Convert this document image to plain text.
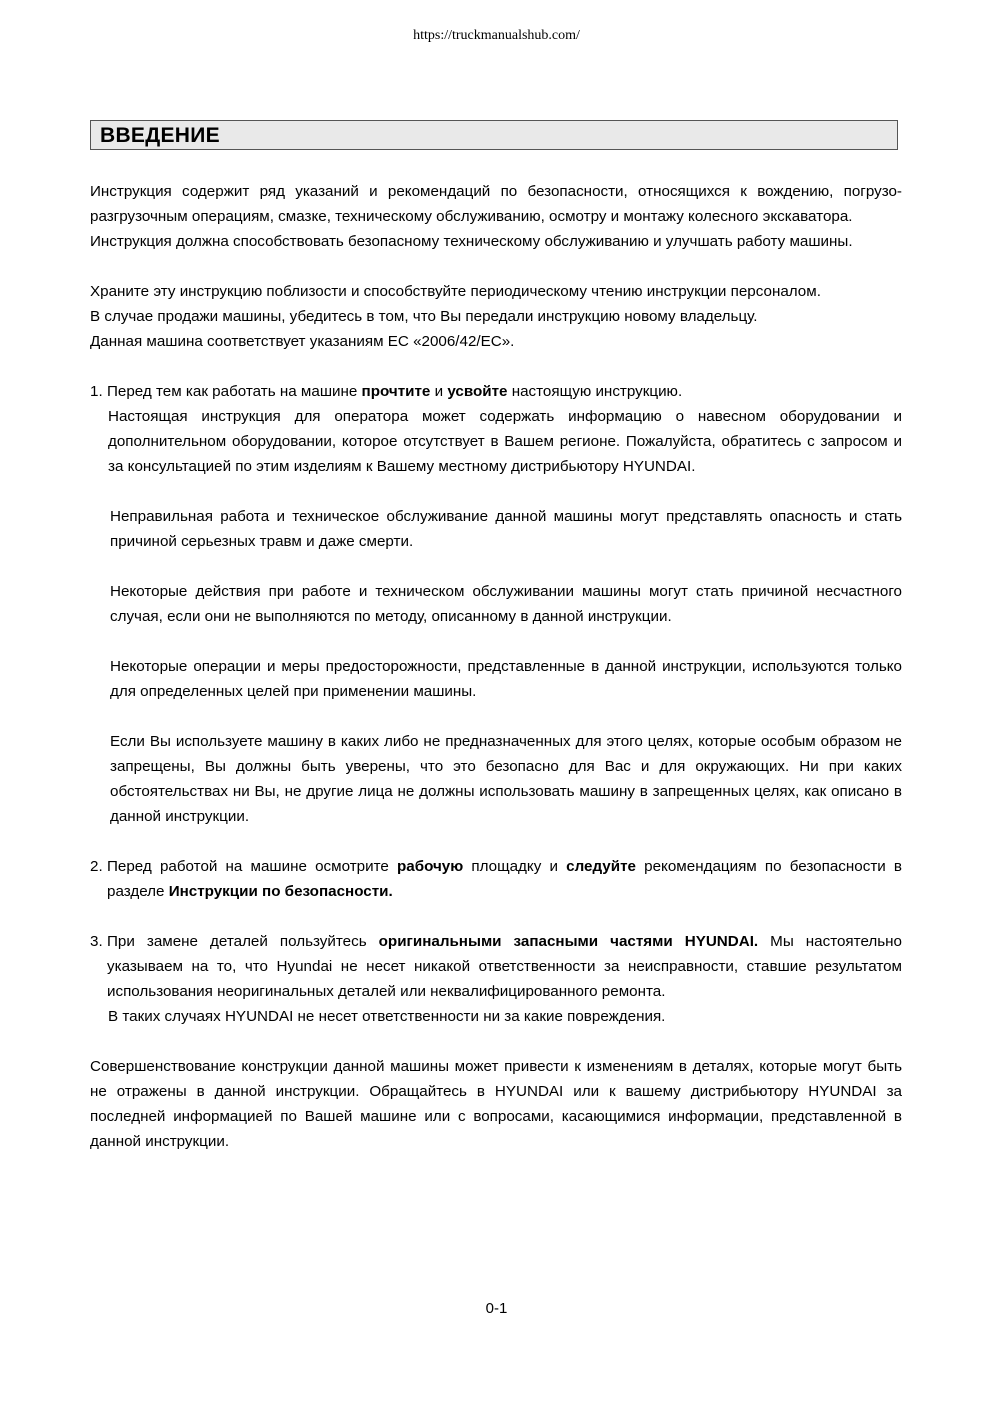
https://truckmanualshub.com/
ВВЕДЕНИЕ

Инструкция содержит ряд указаний и рекомендаций по безопасности, относящихся к вождению, погрузо-разгрузочным операциям, смазке, техническому обслуживанию, осмотру и монтажу колесного экскаватора.

Инструкция должна способствовать безопасному техническому обслуживанию и улучшать работу машины.

Храните эту инструкцию поблизости и способствуйте периодическому чтению инструкции персоналом.

В случае продажи машины, убедитесь в том, что Вы передали инструкцию новому владельцу.

Данная машина соответствует указаниям ЕС «2006/42/EC».

1. Перед тем как работать на машине прочтите и усвойте настоящую инструкцию.

Настоящая инструкция для оператора может содержать информацию о навесном оборудовании и дополнительном оборудовании, которое отсутствует в Вашем регионе. Пожалуйста, обратитесь с запросом и за консультацией по этим изделиям к Вашему местному дистрибьютору HYUNDAI.

Неправильная работа и техническое обслуживание данной машины могут представлять опасность и стать причиной серьезных травм и даже смерти.

Некоторые действия при работе и техническом обслуживании машины могут стать причиной несчастного случая, если они не выполняются по методу, описанному в данной инструкции.

Некоторые операции и меры предосторожности, представленные в данной инструкции, используются только для определенных целей при применении машины.

Если Вы используете машину в каких либо не предназначенных для этого целях, которые особым образом не запрещены, Вы должны быть уверены, что это безопасно для Вас и для окружающих. Ни при каких обстоятельствах ни Вы, не другие лица не должны использовать машину в запрещенных целях, как описано в данной инструкции.

2. Перед работой на машине осмотрите рабочую площадку и следуйте рекомендациям по безопасности в разделе Инструкции по безопасности.
3. При замене деталей пользуйтесь оригинальными запасными частями HYUNDAI. Мы настоятельно указываем на то, что Hyundai не несет никакой ответственности за неисправности, ставшие результатом использования неоригинальных деталей или неквалифицированного ремонта.

В таких случаях HYUNDAI не несет ответственности ни за какие повреждения.

Совершенствование конструкции данной машины может привести к изменениям в деталях, которые могут быть не отражены в данной инструкции. Обращайтесь в HYUNDAI или к вашему дистрибьютору HYUNDAI за последней информацией по Вашей машине или с вопросами, касающимися информации, представленной в данной инструкции.

0-1
